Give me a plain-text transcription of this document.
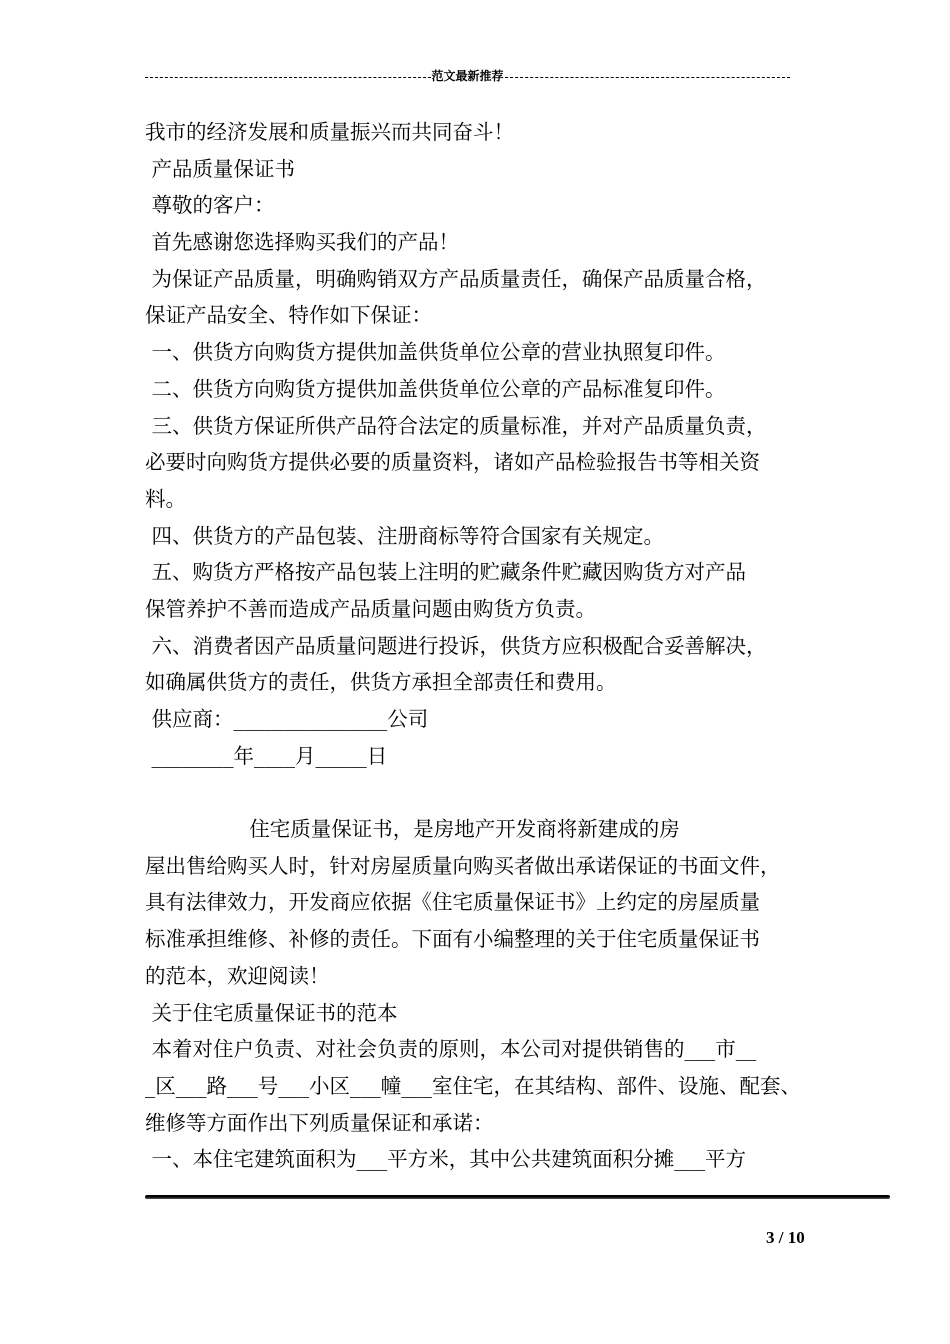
范文最新推荐
我市的经济发展和质量振兴而共同奋斗！
产品质量保证书
尊敬的客户：
首先感谢您选择购买我们的产品！
为保证产品质量，明确购销双方产品质量责任，确保产品质量合格，
保证产品安全、特作如下保证：
一、供货方向购货方提供加盖供货单位公章的营业执照复印件。
二、供货方向购货方提供加盖供货单位公章的产品标准复印件。
三、供货方保证所供产品符合法定的质量标准，并对产品质量负责，
必要时向购货方提供必要的质量资料，诸如产品检验报告书等相关资
料。
四、供货方的产品包装、注册商标等符合国家有关规定。
五、购货方严格按产品包装上注明的贮藏条件贮藏因购货方对产品
保管养护不善而造成产品质量问题由购货方负责。
六、消费者因产品质量问题进行投诉，供货方应积极配合妥善解决，
如确属供货方的责任，供货方承担全部责任和费用。
供应商：_______________公司
________年____月_____日
住宅质量保证书，是房地产开发商将新建成的房
屋出售给购买人时，针对房屋质量向购买者做出承诺保证的书面文件，
具有法律效力，开发商应依据《住宅质量保证书》上约定的房屋质量
标准承担维修、补修的责任。下面有小编整理的关于住宅质量保证书
的范本，欢迎阅读！
关于住宅质量保证书的范本
本着对住户负责、对社会负责的原则，本公司对提供销售的___市__
_区___路___号___小区___幢___室住宅，在其结构、部件、设施、配套、
维修等方面作出下列质量保证和承诺：
一、本住宅建筑面积为___平方米，其中公共建筑面积分摊___平方
3 / 10
